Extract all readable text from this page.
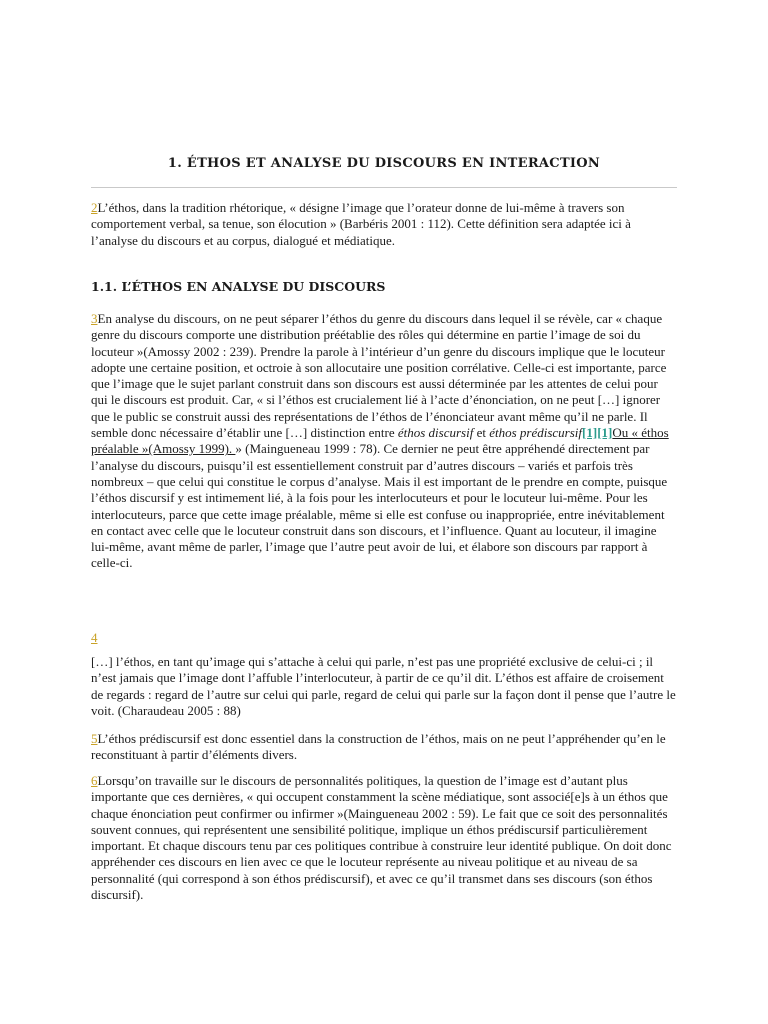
1. ÉTHOS ET ANALYSE DU DISCOURS EN INTERACTION

2L’éthos, dans la tradition rhétorique, « désigne l’image que l’orateur donne de lui-même à travers son comportement verbal, sa tenue, son élocution » (Barbéris 2001 : 112). Cette définition sera adaptée ici à l’analyse du discours et au corpus, dialogué et médiatique.

1.1. L’ÉTHOS EN ANALYSE DU DISCOURS

3En analyse du discours, on ne peut séparer l’éthos du genre du discours dans lequel il se révèle, car « chaque genre du discours comporte une distribution préétablie des rôles qui détermine en partie l’image de soi du locuteur »(Amossy 2002 : 239). Prendre la parole à l’intérieur d’un genre du discours implique que le locuteur adopte une certaine position, et octroie à son allocutaire une position corrélative. Celle-ci est importante, parce que l’image que le sujet parlant construit dans son discours est aussi déterminée par les attentes de celui pour qui le discours est produit. Car, « si l’éthos est crucialement lié à l’acte d’énonciation, on ne peut […] ignorer que le public se construit aussi des représentations de l’éthos de l’énonciateur avant même qu’il ne parle. Il semble donc nécessaire d’établir une […] distinction entre éthos discursif et éthos prédiscursif[1][1]Ou « éthos préalable »(Amossy 1999). » (Maingueneau 1999 : 78). Ce dernier ne peut être appréhendé directement par l’analyse du discours, puisqu’il est essentiellement construit par d’autres discours – variés et parfois très nombreux – que celui qui constitue le corpus d’analyse. Mais il est important de le prendre en compte, puisque l’éthos discursif y est intimement lié, à la fois pour les interlocuteurs et pour le locuteur lui-même. Pour les interlocuteurs, parce que cette image préalable, même si elle est confuse ou inappropriée, entre inévitablement en contact avec celle que le locuteur construit dans son discours, et l’influence. Quant au locuteur, il imagine lui-même, avant même de parler, l’image que l’autre peut avoir de lui, et élabore son discours par rapport à celle-ci.

4

[…] l’éthos, en tant qu’image qui s’attache à celui qui parle, n’est pas une propriété exclusive de celui-ci ; il n’est jamais que l’image dont l’affuble l’interlocuteur, à partir de ce qu’il dit. L’éthos est affaire de croisement de regards : regard de l’autre sur celui qui parle, regard de celui qui parle sur la façon dont il pense que l’autre le voit. (Charaudeau 2005 : 88)

5L’éthos prédiscursif est donc essentiel dans la construction de l’éthos, mais on ne peut l’appréhender qu’en le reconstituant à partir d’éléments divers.

6Lorsqu’on travaille sur le discours de personnalités politiques, la question de l’image est d’autant plus importante que ces dernières, « qui occupent constamment la scène médiatique, sont associé[e]s à un éthos que chaque énonciation peut confirmer ou infirmer »(Maingueneau 2002 : 59). Le fait que ce soit des personnalités souvent connues, qui représentent une sensibilité politique, implique un éthos prédiscursif particulièrement important. Et chaque discours tenu par ces politiques contribue à construire leur identité publique. On doit donc appréhender ces discours en lien avec ce que le locuteur représente au niveau politique et au niveau de sa personnalité (qui correspond à son éthos prédiscursif), et avec ce qu’il transmet dans ses discours (son éthos discursif).
